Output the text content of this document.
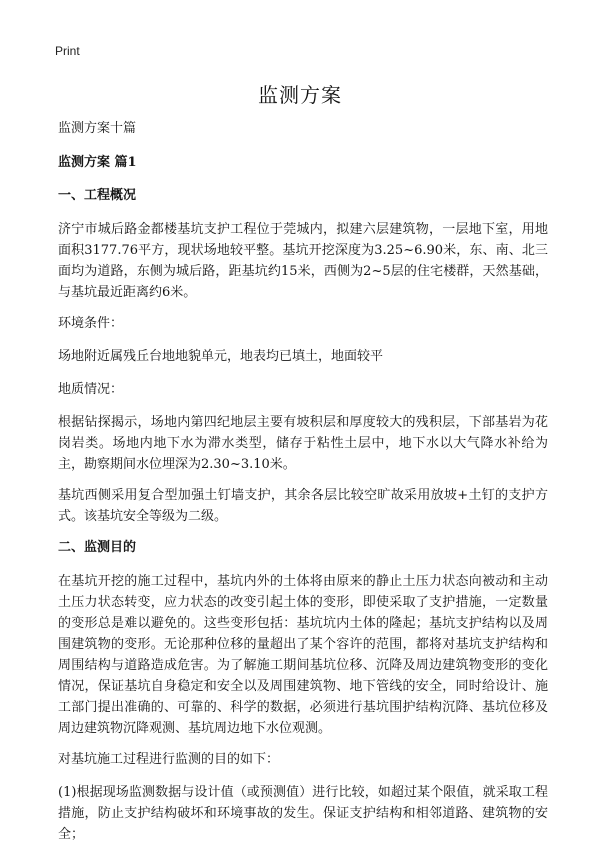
Print
监测方案
监测方案十篇
监测方案 篇1
一、工程概况
济宁市城后路金都楼基坑支护工程位于莞城内，拟建六层建筑物，一层地下室，用地面积3177.76平方，现状场地较平整。基坑开挖深度为3.25~6.90米，东、南、北三面均为道路，东侧为城后路，距基坑约15米，西侧为2~5层的住宅楼群，天然基础，与基坑最近距离约6米。
环境条件：
场地附近属残丘台地地貌单元，地表均已填土，地面较平
地质情况：
根据钻探揭示，场地内第四纪地层主要有坡积层和厚度较大的残积层，下部基岩为花岗岩类。场地内地下水为滞水类型，储存于粘性土层中，地下水以大气降水补给为主，勘察期间水位埋深为2.30~3.10米。
基坑西侧采用复合型加强土钉墙支护，其余各层比较空旷故采用放坡+土钉的支护方式。该基坑安全等级为二级。
二、监测目的
在基坑开挖的施工过程中，基坑内外的土体将由原来的静止土压力状态向被动和主动土压力状态转变，应力状态的改变引起土体的变形，即使采取了支护措施，一定数量的变形总是难以避免的。这些变形包括：基坑坑内土体的隆起；基坑支护结构以及周围建筑物的变形。无论那种位移的量超出了某个容许的范围，都将对基坑支护结构和周围结构与道路造成危害。为了解施工期间基坑位移、沉降及周边建筑物变形的变化情况，保证基坑自身稳定和安全以及周围建筑物、地下管线的安全，同时给设计、施工部门提出准确的、可靠的、科学的数据，必须进行基坑围护结构沉降、基坑位移及周边建筑物沉降观测、基坑周边地下水位观测。
对基坑施工过程进行监测的目的如下：
(1)根据现场监测数据与设计值（或预测值）进行比较，如超过某个限值，就采取工程措施，防止支护结构破坏和环境事故的发生。保证支护结构和相邻道路、建筑物的安全；
